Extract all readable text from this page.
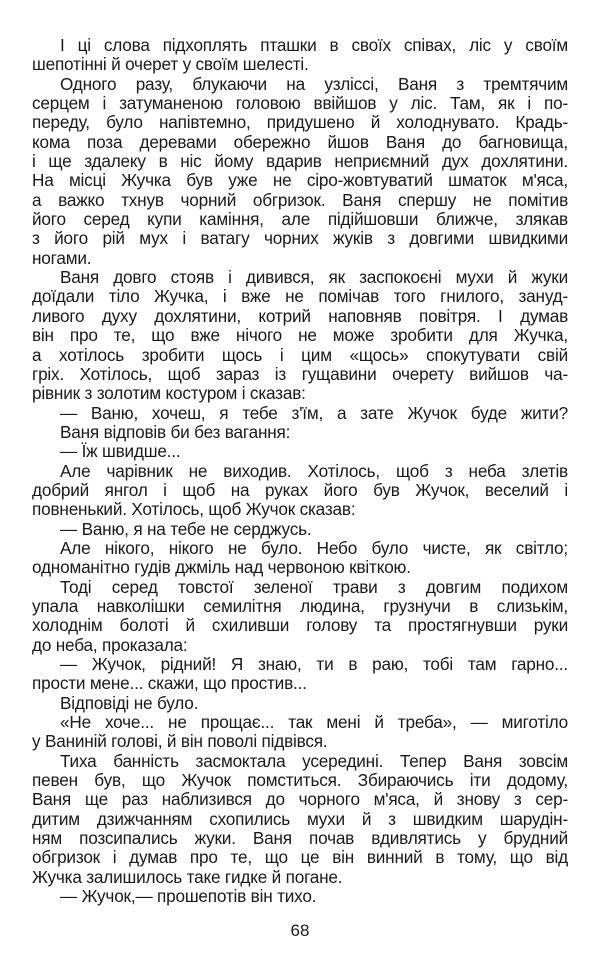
І ці слова підхоплять пташки в своїх співах, ліс у своїм
шепотінні й очерет у своїм шелесті.
Одного разу, блукаючи на узліссі, Ваня з тремтячим
серцем і затуманеною головою ввійшов у ліс. Там, як і по-
переду, було напівтемно, придушено й холоднувато. Крадь-
кома поза деревами обережно йшов Ваня до багновища,
і ще здалеку в ніс йому вдарив неприємний дух дохлятини.
На місці Жучка був уже не сіро-жовтуватий шматок м'яса,
а важко тхнув чорний обгризок. Ваня спершу не помітив
його серед купи каміння, але підійшовши ближче, злякав
з його рій мух і ватагу чорних жуків з довгими швидкими
ногами.
Ваня довго стояв і дивився, як заспокоєні мухи й жуки
доїдали тіло Жучка, і вже не помічав того гнилого, зануд-
ливого духу дохлятини, котрий наповняв повітря. І думав
він про те, що вже нічого не може зробити для Жучка,
а хотілось зробити щось і цим «щось» спокутувати свій
гріх. Хотілось, щоб зараз із гущавини очерету вийшов ча-
рівник з золотим костуром і сказав:
— Ваню, хочеш, я тебе з'їм, а зате Жучок буде жити?
Ваня відповів би без вагання:
— Їж швидше...
Але чарівник не виходив. Хотілось, щоб з неба злетів
добрий янгол і щоб на руках його був Жучок, веселий і
повненький. Хотілось, щоб Жучок сказав:
— Ваню, я на тебе не серджусь.
Але нікого, нікого не було. Небо було чисте, як світло;
одноманітно гудів джміль над червоною квіткою.
Тоді серед товстої зеленої трави з довгим подихом
упала навколішки семилітня людина, грузнучи в слизькім,
холоднім болоті й схиливши голову та простягнувши руки
до неба, проказала:
— Жучок, рідний! Я знаю, ти в раю, тобі там гарно...
прости мене... скажи, що простив...
Відповіді не було.
«Не хоче... не прощає... так мені й треба», — миготіло
у Ваниній голові, й він поволі підвівся.
Тиха банність засмоктала усередині. Тепер Ваня зовсім
певен був, що Жучок помститься. Збираючись іти додому,
Ваня ще раз наблизився до чорного м'яса, й знову з сер-
дитим дзижчанням схопились мухи й з швидким шарудін-
ням позсипались жуки. Ваня почав вдивлятись у брудний
обгризок і думав про те, що це він винний в тому, що від
Жучка залишилось таке гидке й погане.
— Жучок,— прошепотів він тихо.
68
